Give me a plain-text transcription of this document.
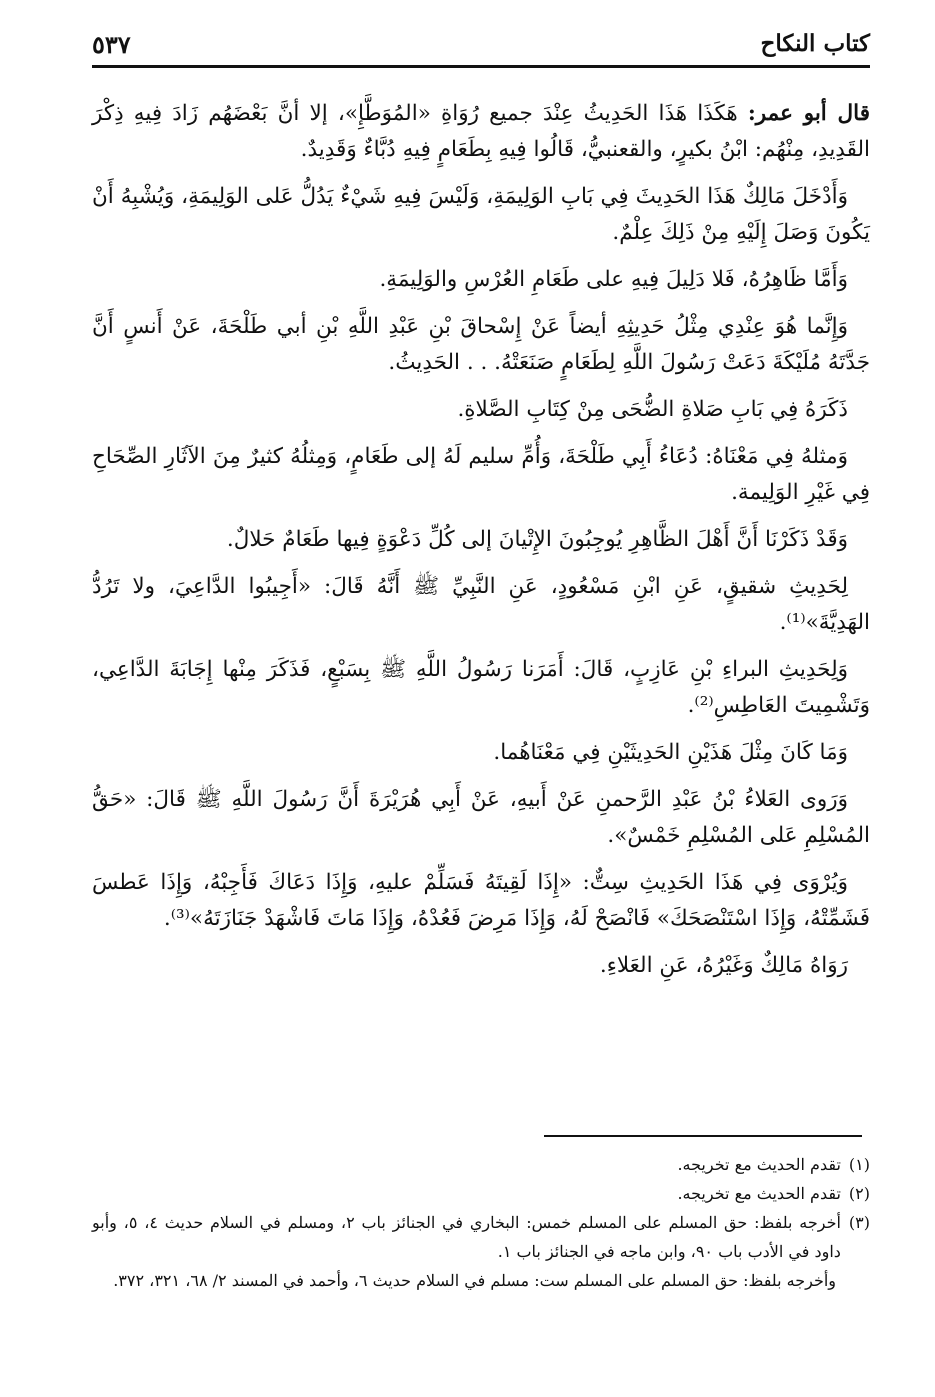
كتاب النكاح
٥٣٧

قال أبو عمر: هَكَذَا هَذَا الحَدِيثُ عِنْدَ جميع رُوَاةِ «المُوَطَّإِ»، إلا أنَّ بَعْضَهُم زَادَ فِيهِ ذِكْرَ القَدِيدِ، مِنْهُم: ابْنُ بكيرٍ، والقعنبيُّ، قَالُوا فِيهِ بِطَعَامٍ فِيهِ دُبَّاءٌ وَقَدِيدٌ.

وَأَدْخَلَ مَالِكٌ هَذَا الحَدِيثَ فِي بَابِ الوَلِيمَةِ، وَلَيْسَ فِيهِ شَيْءٌ يَدُلُّ عَلى الوَلِيمَةِ، وَيُشْبِهُ أَنْ يَكُونَ وَصَلَ إِلَيْهِ مِنْ ذَلِكَ عِلْمٌ.

وَأَمَّا ظَاهِرُهُ، فَلا دَلِيلَ فِيهِ على طَعَامِ العُرْسِ والوَلِيمَةِ.

وَإِنَّما هُوَ عِنْدِي مِثْلُ حَدِيثِهِ أيضاً عَنْ إِسْحاقَ بْنِ عَبْدِ اللَّهِ بْنِ أبي طَلْحَةَ، عَنْ أَنسٍ أَنَّ جَدَّتَهُ مُلَيْكَةَ دَعَتْ رَسُولَ اللَّهِ لِطَعَامٍ صَنَعَتْهُ. . . الحَدِيثُ.

ذَكَرَهُ فِي بَابِ صَلاةِ الضُّحَى مِنْ كِتَابِ الصَّلاةِ.

وَمثلهُ فِي مَعْنَاهُ: دُعَاءُ أَبِي طَلْحَةَ، وَأُمِّ سليم لَهُ إلى طَعَامٍ، وَمِثلُهُ كثيرٌ مِنَ الآثَارِ الصِّحَاحِ فِي غَيْرِ الوَلِيمة.

وَقَدْ ذَكَرْنَا أَنَّ أَهْلَ الظَّاهِرِ يُوجِبُونَ الإِتْيانَ إلى كُلِّ دَعْوَةٍ فِيها طَعَامٌ حَلالٌ.

لِحَدِيثِ شقيقٍ، عَنِ ابْنِ مَسْعُودٍ، عَنِ النَّبِيِّ ﷺ أَنَّهُ قَالَ: «أَجِيبُوا الدَّاعِيَ، ولا تَرُدُّ الهَدِيَّةَ»⁽¹⁾.

وَلِحَدِيثِ البراءِ بْنِ عَازِبٍ، قَالَ: أَمَرَنا رَسُولُ اللَّهِ ﷺ بِسَبْعٍ، فَذَكَرَ مِنْها إِجَابَةَ الدَّاعِي، وَتَشْمِيتَ العَاطِسِ⁽²⁾.

وَمَا كَانَ مِثْلَ هَذَيْنِ الحَدِيثَيْنِ فِي مَعْنَاهُما.

وَرَوى العَلاءُ بْنُ عَبْدِ الرَّحمنِ عَنْ أَبيهِ، عَنْ أَبِي هُرَيْرَةَ أَنَّ رَسُولَ اللَّهِ ﷺ قَالَ: «حَقُّ المُسْلِمِ عَلى المُسْلِمِ خَمْسٌ».

وَيُرْوَى فِي هَذَا الحَدِيثِ سِتٌّ: «إِذَا لَقِيتَهُ فَسَلِّمْ عليهِ، وَإِذَا دَعَاكَ فَأَجِبْهُ، وَإِذَا عَطسَ فَشَمِّتْهُ، وَإِذَا اسْتَنْصَحَكَ» فَانْصَحْ لَهُ، وَإِذَا مَرِضَ فَعُدْهُ، وَإِذَا مَاتَ فَاشْهَدْ جَنَازَتَهُ»⁽³⁾.

رَوَاهُ مَالِكٌ وَغَيْرُهُ، عَنِ العَلاءِ.

(١)
تقدم الحديث مع تخريجه.
(٢)
تقدم الحديث مع تخريجه.
(٣)
أخرجه بلفظ: حق المسلم على المسلم خمس: البخاري في الجنائز باب ٢، ومسلم في السلام حديث ٤، ٥، وأبو داود في الأدب باب ٩٠، وابن ماجه في الجنائز باب ١.
وأخرجه بلفظ: حق المسلم على المسلم ست: مسلم في السلام حديث ٦، وأحمد في المسند ٢/ ٦٨، ٣٢١، ٣٧٢.
